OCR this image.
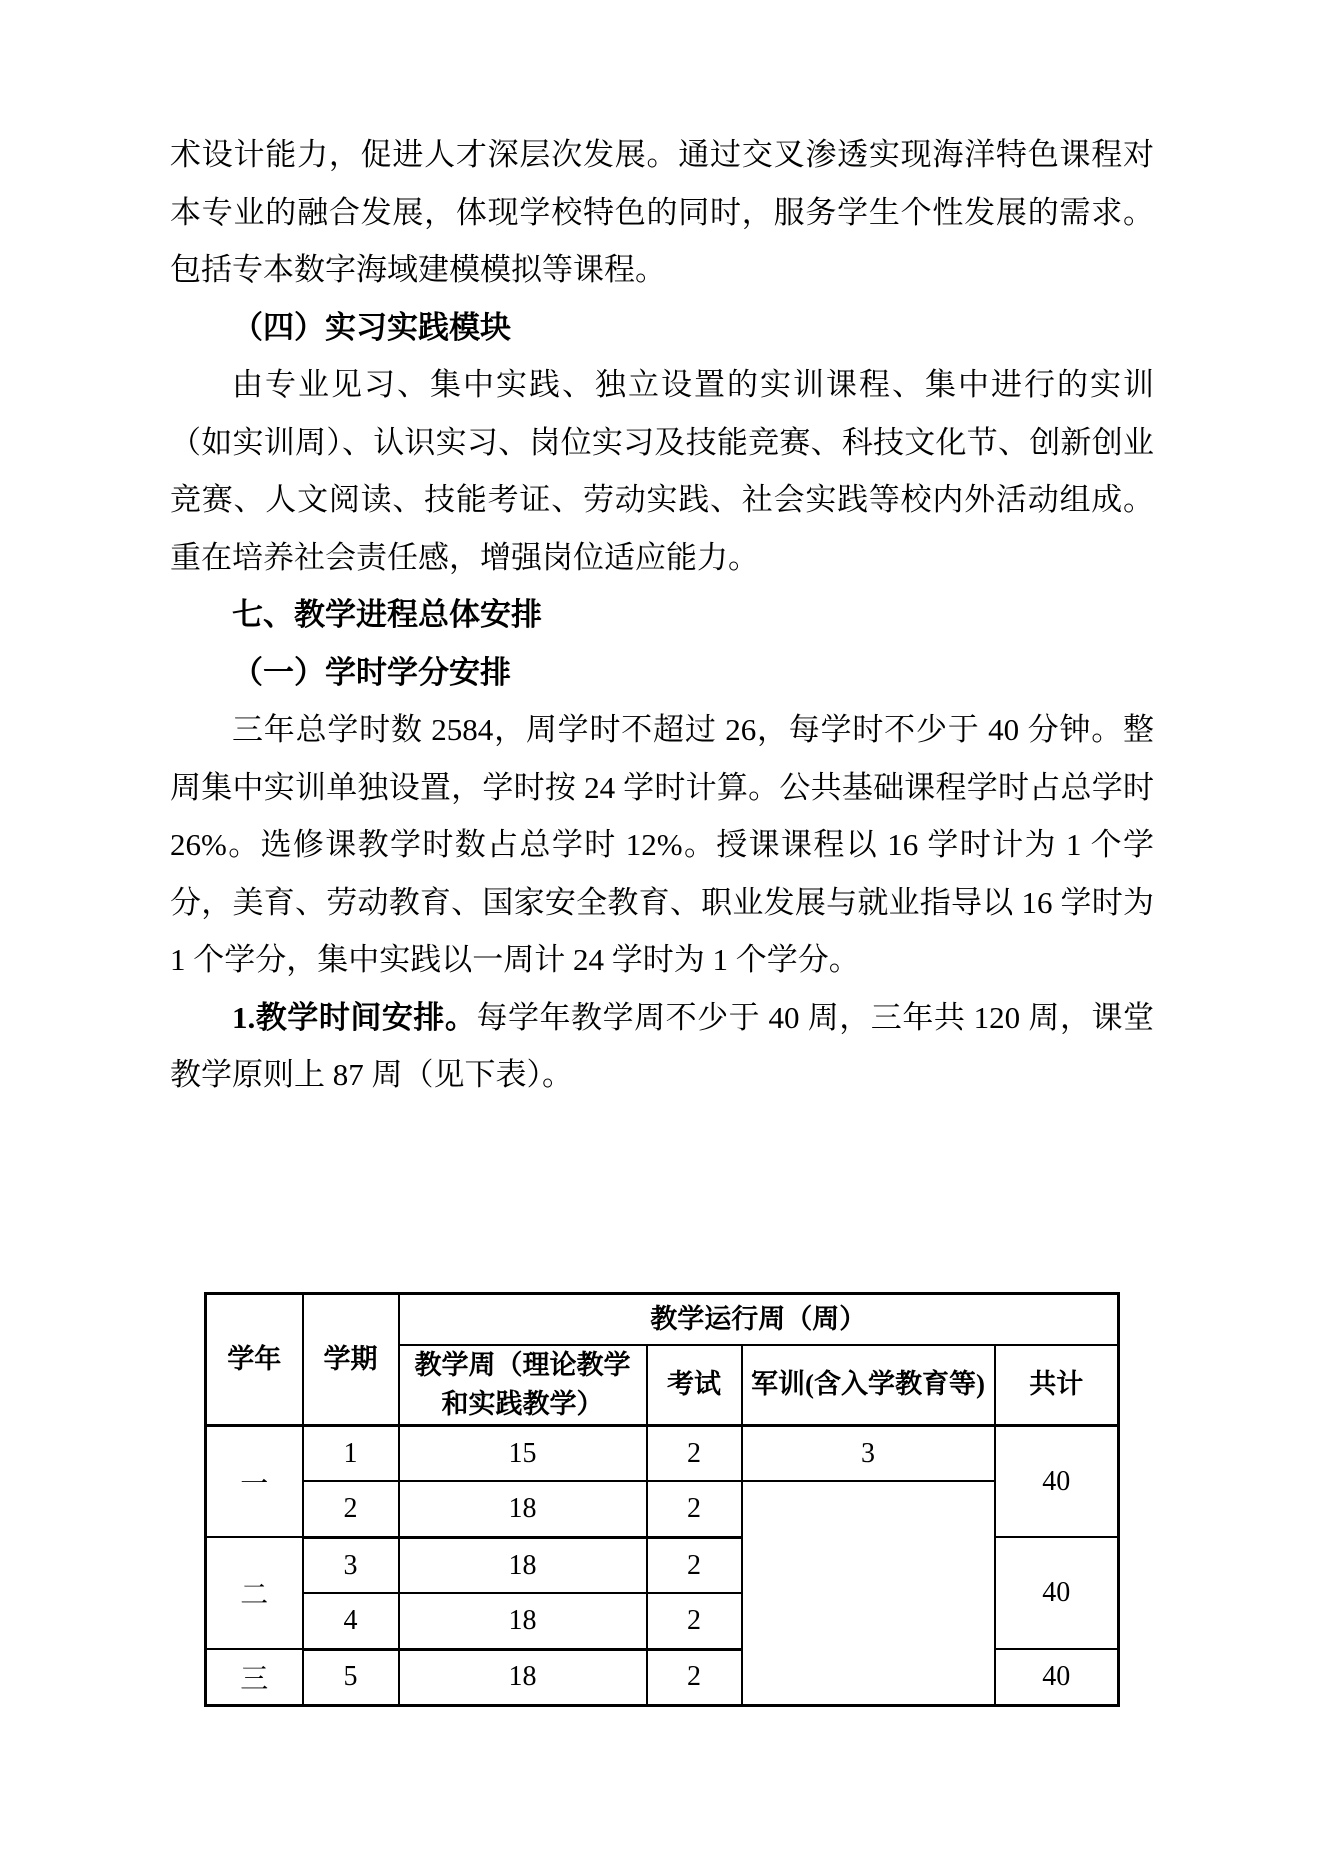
术设计能力，促进人才深层次发展。通过交叉渗透实现海洋特色课程对本专业的融合发展，体现学校特色的同时，服务学生个性发展的需求。包括专本数字海域建模模拟等课程。

（四）实习实践模块

由专业见习、集中实践、独立设置的实训课程、集中进行的实训（如实训周）、认识实习、岗位实习及技能竞赛、科技文化节、创新创业竞赛、人文阅读、技能考证、劳动实践、社会实践等校内外活动组成。重在培养社会责任感，增强岗位适应能力。

七、教学进程总体安排

（一）学时学分安排

三年总学时数 2584，周学时不超过 26，每学时不少于 40 分钟。整周集中实训单独设置，学时按 24 学时计算。公共基础课程学时占总学时 26%。选修课教学时数占总学时 12%。授课课程以 16 学时计为 1 个学分，美育、劳动教育、国家安全教育、职业发展与就业指导以 16 学时为 1 个学分，集中实践以一周计 24 学时为 1 个学分。

1.教学时间安排。每学年教学周不少于 40 周，三年共 120 周，课堂教学原则上 87 周（见下表）。

学年	学期	教学运行周（周）			
		教学周（理论教学和实践教学）	考试	军训(含入学教育等)	共计
一	1	15	2	3	40
	2	18	2		
二	3	18	2		40
	4	18	2		
三	5	18	2		40
